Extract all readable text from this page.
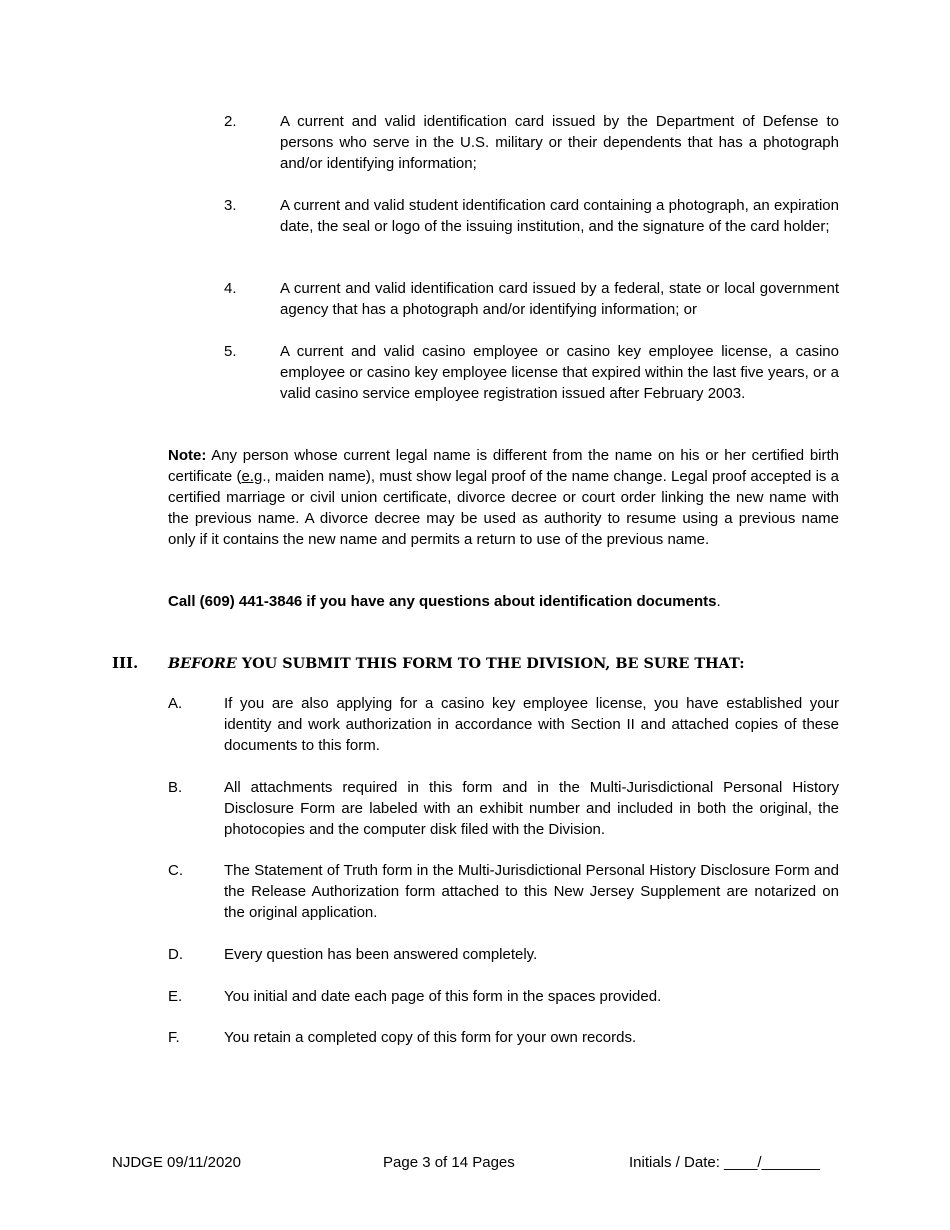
2.	A current and valid identification card issued by the Department of Defense to persons who serve in the U.S. military or their dependents that has a photograph and/or identifying information;
3.	A current and valid student identification card containing a photograph, an expiration date, the seal or logo of the issuing institution, and the signature of the card holder;
4.	A current and valid identification card issued by a federal, state or local government agency that has a photograph and/or identifying information; or
5.	A current and valid casino employee or casino key employee license, a casino employee or casino key employee license that expired within the last five years, or a valid casino service employee registration issued after February 2003.
Note: Any person whose current legal name is different from the name on his or her certified birth certificate (e.g., maiden name), must show legal proof of the name change. Legal proof accepted is a certified marriage or civil union certificate, divorce decree or court order linking the new name with the previous name. A divorce decree may be used as authority to resume using a previous name only if it contains the new name and permits a return to use of the previous name.
Call (609) 441-3846 if you have any questions about identification documents.
III. BEFORE YOU SUBMIT THIS FORM TO THE DIVISION, BE SURE THAT:
A.	If you are also applying for a casino key employee license, you have established your identity and work authorization in accordance with Section II and attached copies of these documents to this form.
B.	All attachments required in this form and in the Multi-Jurisdictional Personal History Disclosure Form are labeled with an exhibit number and included in both the original, the photocopies and the computer disk filed with the Division.
C.	The Statement of Truth form in the Multi-Jurisdictional Personal History Disclosure Form and the Release Authorization form attached to this New Jersey Supplement are notarized on the original application.
D.	Every question has been answered completely.
E.	You initial and date each page of this form in the spaces provided.
F.	You retain a completed copy of this form for your own records.
NJDGE 09/11/2020	Page 3 of 14 Pages	Initials / Date: ____/_______
